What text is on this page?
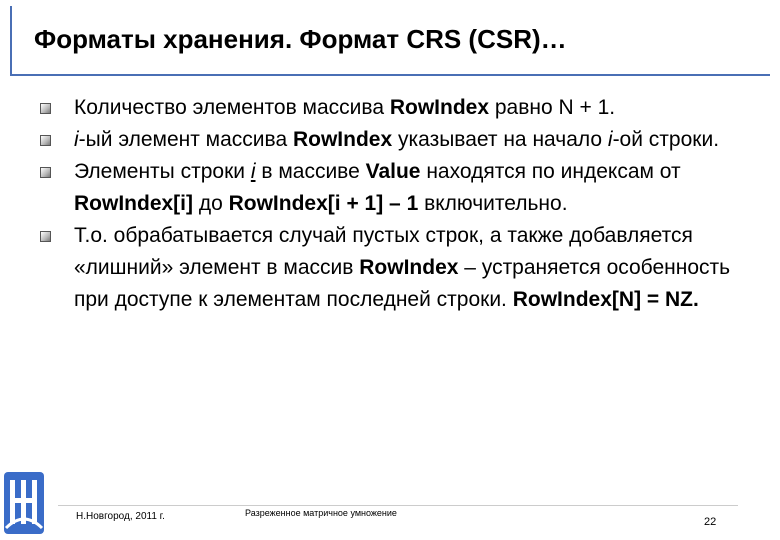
Форматы хранения. Формат CRS (CSR)…
Количество элементов массива RowIndex равно N + 1.
i-ый элемент массива RowIndex указывает на начало i-ой строки.
Элементы строки i в массиве Value находятся по индексам от RowIndex[i] до RowIndex[i + 1] – 1 включительно.
Т.о. обрабатывается случай пустых строк, а также добавляется «лишний» элемент в массив RowIndex – устраняется особенность при доступе к элементам последней строки. RowIndex[N] = NZ.
Н.Новгород, 2011 г.	Разреженное матричное умножение
22
